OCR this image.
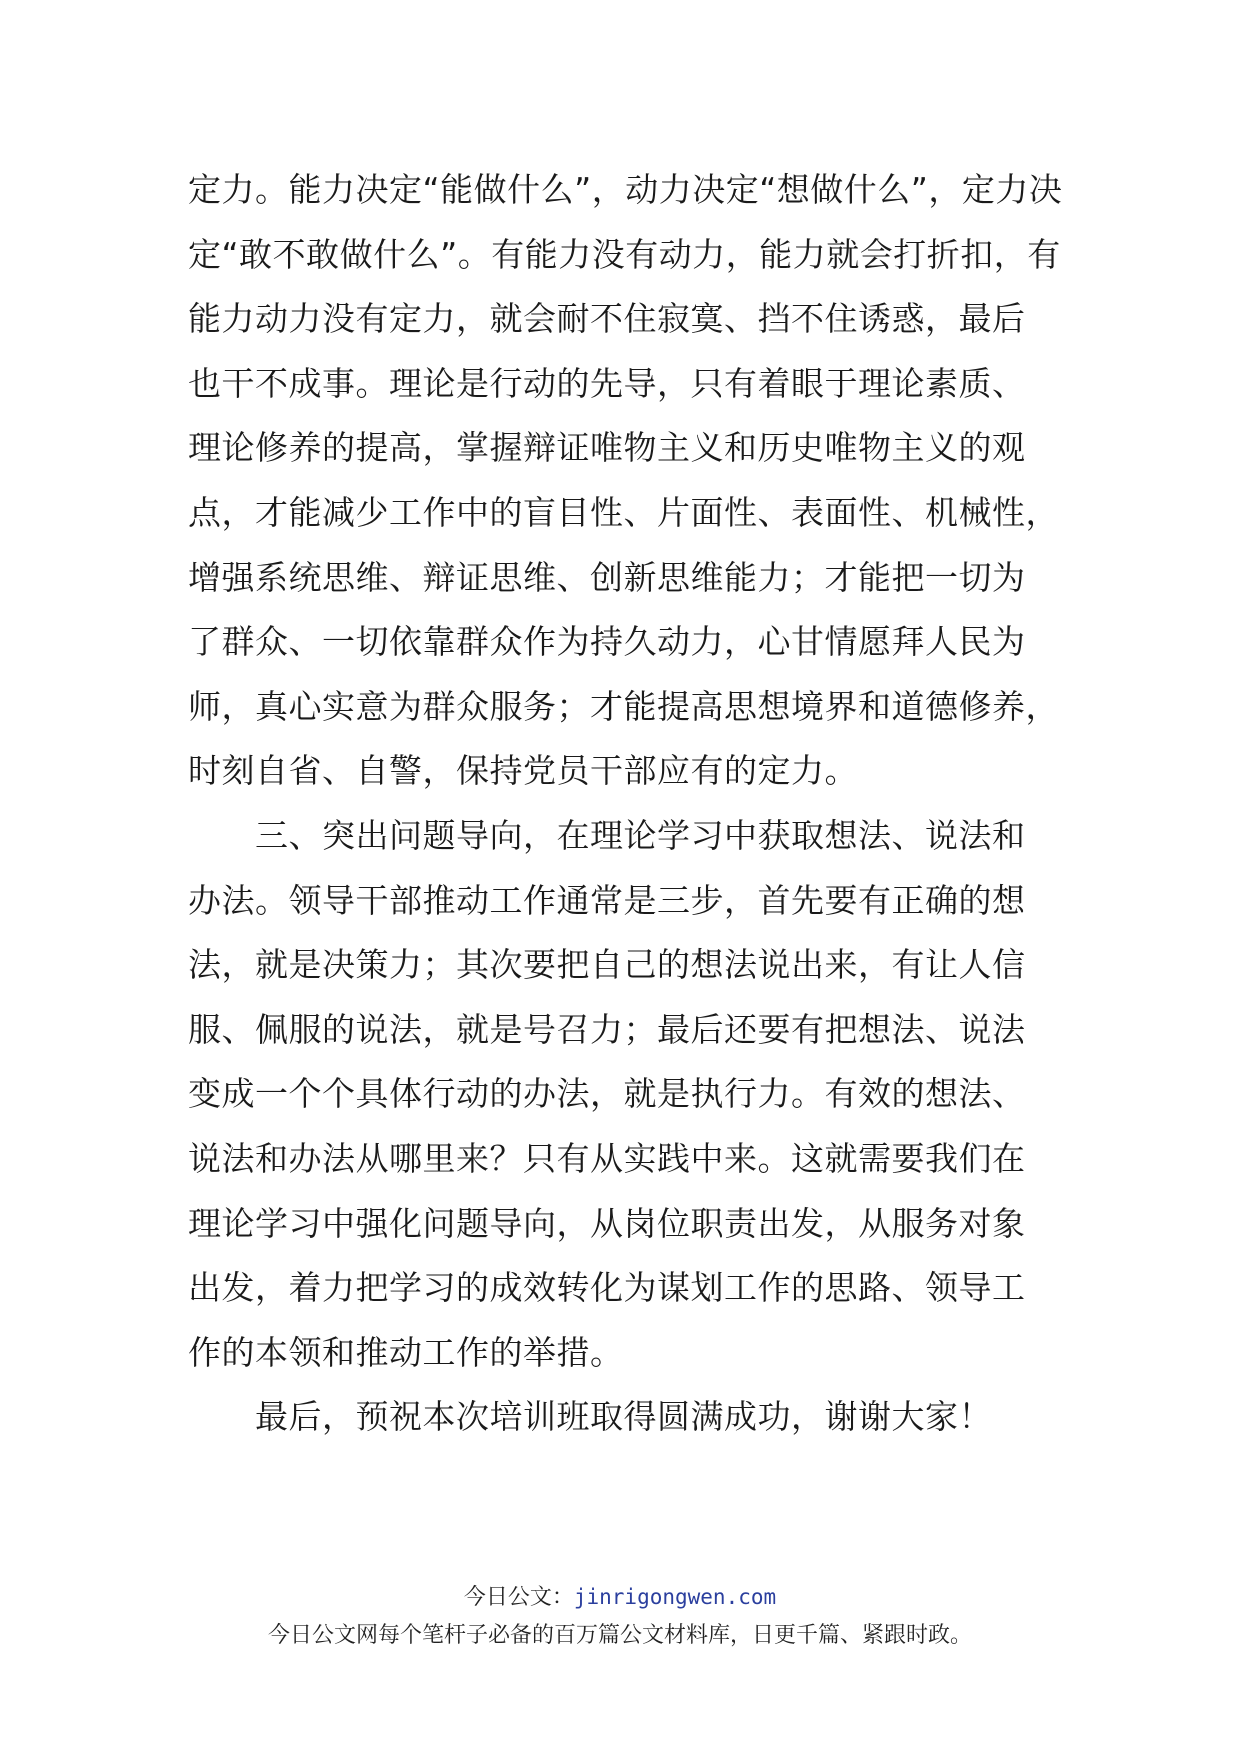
定力。能力决定“能做什么”，动力决定“想做什么”，定力决
定“敢不敢做什么”。有能力没有动力，能力就会打折扣，有
能力动力没有定力，就会耐不住寂寞、挡不住诱惑，最后
也干不成事。理论是行动的先导，只有着眼于理论素质、
理论修养的提高，掌握辩证唯物主义和历史唯物主义的观
点，才能减少工作中的盲目性、片面性、表面性、机械性，
增强系统思维、辩证思维、创新思维能力；才能把一切为
了群众、一切依靠群众作为持久动力，心甘情愿拜人民为
师，真心实意为群众服务；才能提高思想境界和道德修养，
时刻自省、自警，保持党员干部应有的定力。
　　三、突出问题导向，在理论学习中获取想法、说法和
办法。领导干部推动工作通常是三步，首先要有正确的想
法，就是决策力；其次要把自己的想法说出来，有让人信
服、佩服的说法，就是号召力；最后还要有把想法、说法
变成一个个具体行动的办法，就是执行力。有效的想法、
说法和办法从哪里来？只有从实践中来。这就需要我们在
理论学习中强化问题导向，从岗位职责出发，从服务对象
出发，着力把学习的成效转化为谋划工作的思路、领导工
作的本领和推动工作的举措。
　　最后，预祝本次培训班取得圆满成功，谢谢大家！
今日公文：jinrigongwen.com
今日公文网每个笔杆子必备的百万篇公文材料库，日更千篇、紧跟时政。
